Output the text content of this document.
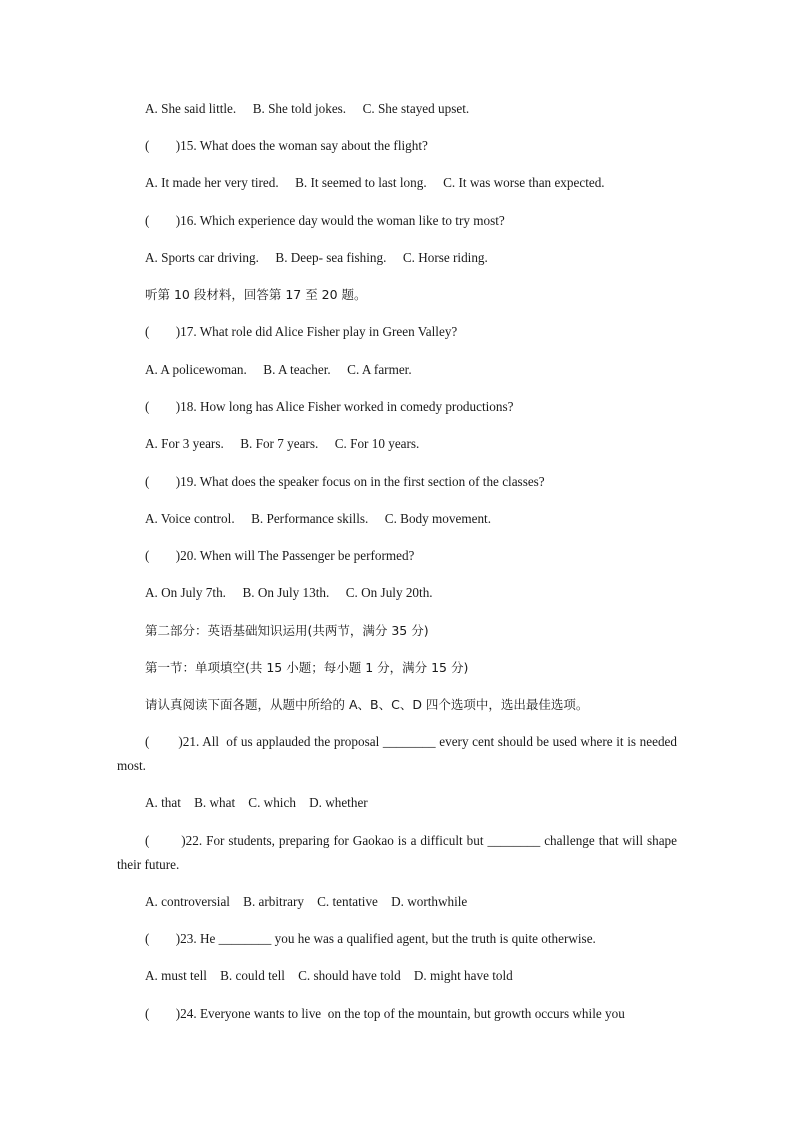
A. She said little.     B. She told jokes.     C. She stayed upset.
(        )15. What does the woman say about the flight?
A. It made her very tired.     B. It seemed to last long.     C. It was worse than expected.
(        )16. Which experience day would the woman like to try most?
A. Sports car driving.     B. Deep- sea fishing.     C. Horse riding.
听第 10 段材料，回答第 17 至 20 题。
(        )17. What role did Alice Fisher play in Green Valley?
A. A policewoman.     B. A teacher.     C. A farmer.
(        )18. How long has Alice Fisher worked in comedy productions?
A. For 3 years.     B. For 7 years.     C. For 10 years.
(        )19. What does the speaker focus on in the first section of the classes?
A. Voice control.     B. Performance skills.     C. Body movement.
(        )20. When will The Passenger be performed?
A. On July 7th.     B. On July 13th.     C. On July 20th.
第二部分：英语基础知识运用(共两节，满分 35 分)
第一节：单项填空(共 15 小题；每小题 1 分，满分 15 分)
请认真阅读下面各题，从题中所给的 A、B、C、D 四个选项中，选出最佳选项。
(        )21. All  of us applauded the proposal ________ every cent should be used where it is needed most.
A. that    B. what    C. which    D. whether
(        )22. For students, preparing for Gaokao is a difficult but ________ challenge that will shape their future.
A. controversial    B. arbitrary    C. tentative    D. worthwhile
(        )23. He ________ you he was a qualified agent, but the truth is quite otherwise.
A. must tell    B. could tell    C. should have told    D. might have told
(        )24. Everyone wants to live  on the top of the mountain, but growth occurs while you
